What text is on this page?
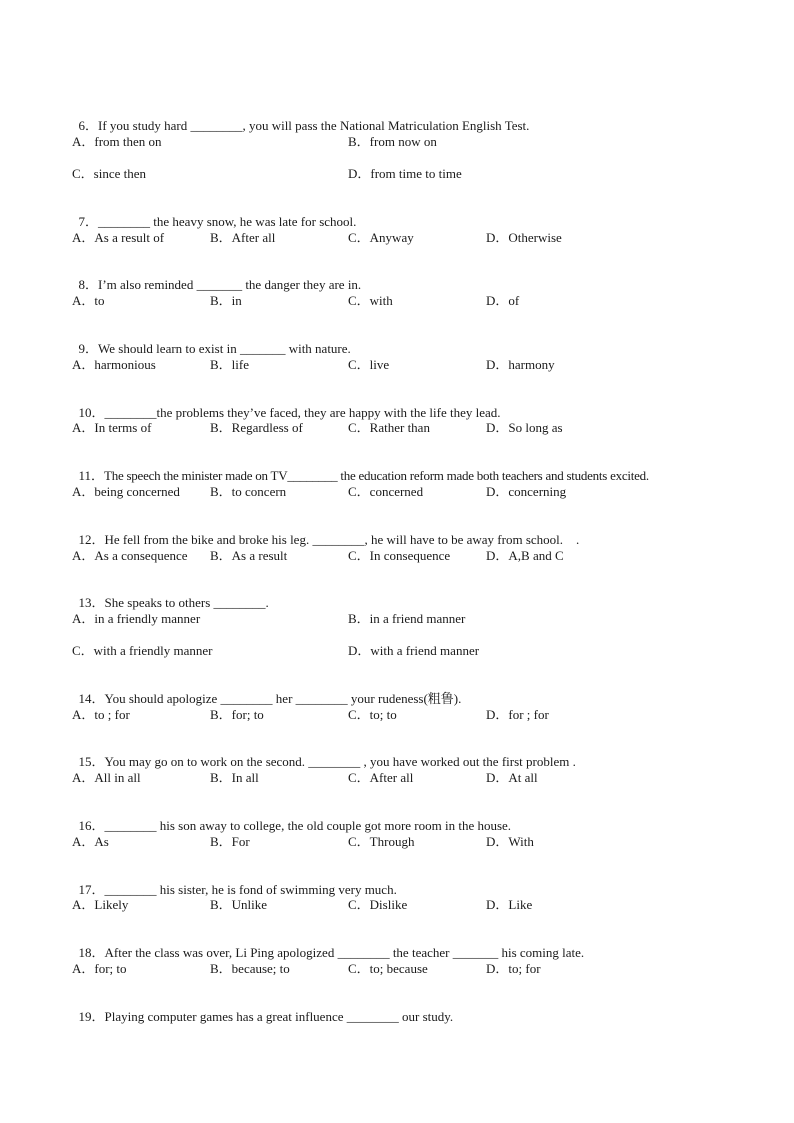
6．If you study hard ________, you will pass the National Matriculation English Test.

A．from then on	B．from now on
C．since then	D．from time to time

7．________ the heavy snow, he was late for school.

A．As a result of	B．After all	C．Anyway	D．Otherwise

8．I’m also reminded _______ the danger they are in.

A．to	B．in	C．with	D．of

9．We should learn to exist in _______ with nature.

A．harmonious	B．life	C．live	D．harmony

10．________the problems they’ve faced, they are happy with the life they lead.

A．In terms of	B．Regardless of	C．Rather than	D．So long as

11．The speech the minister made on TV________ the education reform made both teachers and students excited.

A．being concerned B．to concern	C．concerned	D．concerning

12．He fell from the bike and broke his leg. ________, he will have to be away from school.    .

A．As a consequence B．As a result	C．In consequence	D．A,B and C

13．She speaks to others ________.

A．in a friendly manner	B．in a friend manner
C．with a friendly manner	D．with a friend manner

14．You should apologize ________ her ________ your rudeness(粗鲁).

A．to ; for	B．for; to	C．to; to	D．for ; for

15．You may go on to work on the second. ________ , you have worked out the first problem .

A．All in all	B．In all	C．After all	D．At all

16．________ his son away to college, the old couple got more room in the house.

A．As	B．For	C．Through	D．With

17．________ his sister, he is fond of swimming very much.

A．Likely	B．Unlike	C．Dislike	D．Like

18．After the class was over, Li Ping apologized ________ the teacher _______ his coming late.

A．for; to	B．because; to	C．to; because	D．to; for

19．Playing computer games has a great influence ________ our study.
